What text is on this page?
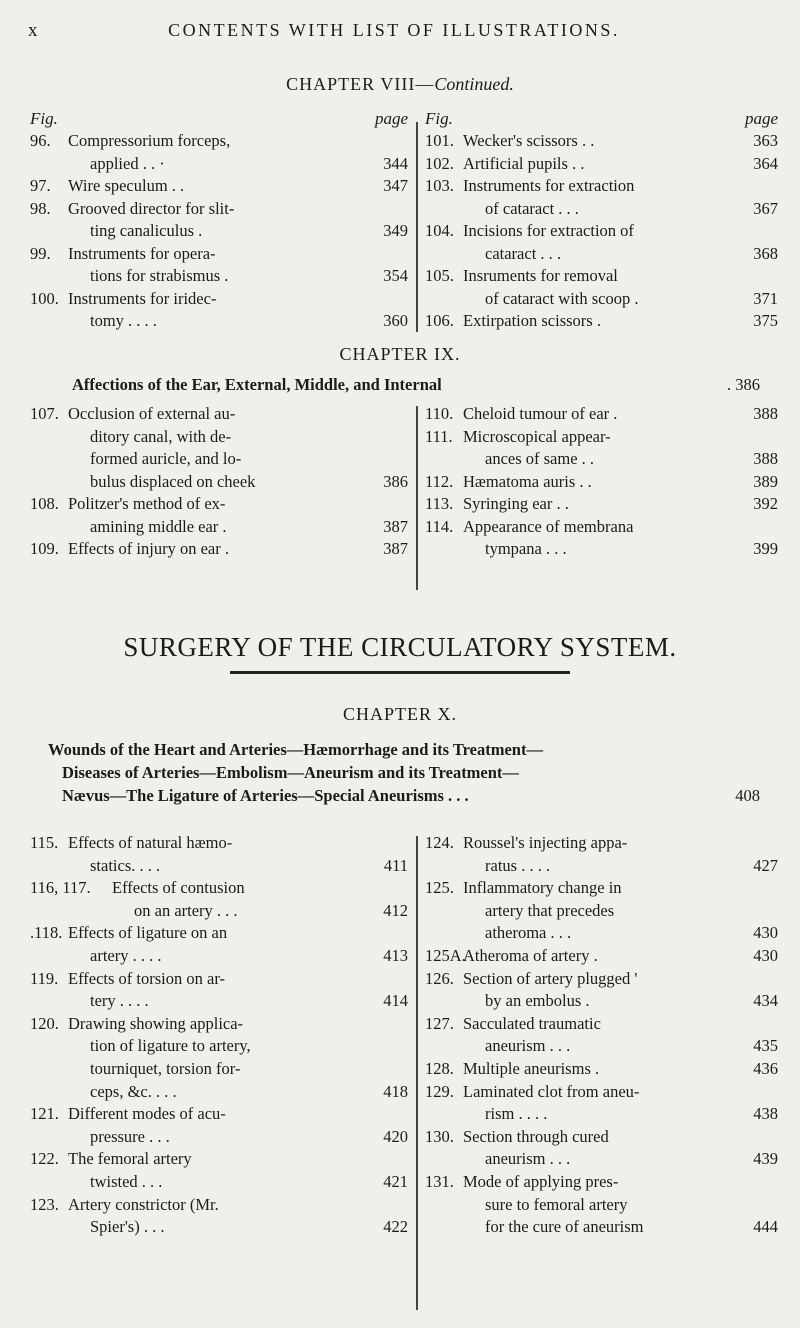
x	CONTENTS WITH LIST OF ILLUSTRATIONS.
CHAPTER VIII—Continued.
Fig.	page
96. Compressorium forceps,
applied . . ·	344
97. Wire speculum . .	347
98. Grooved director for slit-
ting canaliculus .	349
99. Instruments for opera-
tions for strabismus .	354
100. Instruments for iridec-
tomy . . . .	360
Fig.	page
101. Wecker's scissors . .	363
102. Artificial pupils . .	364
103. Instruments for extraction
of cataract . . .	367
104. Incisions for extraction of
cataract . . .	368
105. Insruments for removal
of cataract with scoop .	371
106. Extirpation scissors .	375
CHAPTER IX.
Affections of the Ear, External, Middle, and Internal	. 386
107. Occlusion of external au-
ditory canal, with de-
formed auricle, and lo-
bulus displaced on cheek	386
108. Politzer's method of ex-
amining middle ear .	387
109. Effects of injury on ear .	387
110. Cheloid tumour of ear .	388
111. Microscopical appear-
ances of same . .	388
112. Hæmatoma auris . .	389
113. Syringing ear . .	392
114. Appearance of membrana
tympana . . .	399
SURGERY OF THE CIRCULATORY SYSTEM.
CHAPTER X.
Wounds of the Heart and Arteries—Hæmorrhage and its Treatment—
Diseases of Arteries—Embolism—Aneurism and its Treatment—
Nævus—The Ligature of Arteries—Special Aneurisms . . .	408
115. Effects of natural hæmo-
statics. . . .	411
116, 117. Effects of contusion
on an artery . . .	412
.118. Effects of ligature on an
artery . . . .	413
119. Effects of torsion on ar-
tery . . . .	414
120. Drawing showing applica-
tion of ligature to artery,
tourniquet, torsion for-
ceps, &c. . . .	418
121. Different modes of acu-
pressure . . .	420
122. The femoral artery
twisted . . .	421
123. Artery constrictor (Mr.
Spier's) . . .	422
124. Roussel's injecting appa-
ratus . . . .	427
125. Inflammatory change in
artery that precedes
atheroma . . .	430
125A.
Atheroma of artery .	430
126. Section of artery plugged '
by an embolus .	434
127. Sacculated traumatic
aneurism . . .	435
128. Multiple aneurisms .	436
129. Laminated clot from aneu-
rism . . . .	438
130. Section through cured
aneurism . . .	439
131. Mode of applying pres-
sure to femoral artery
for the cure of aneurism	444
